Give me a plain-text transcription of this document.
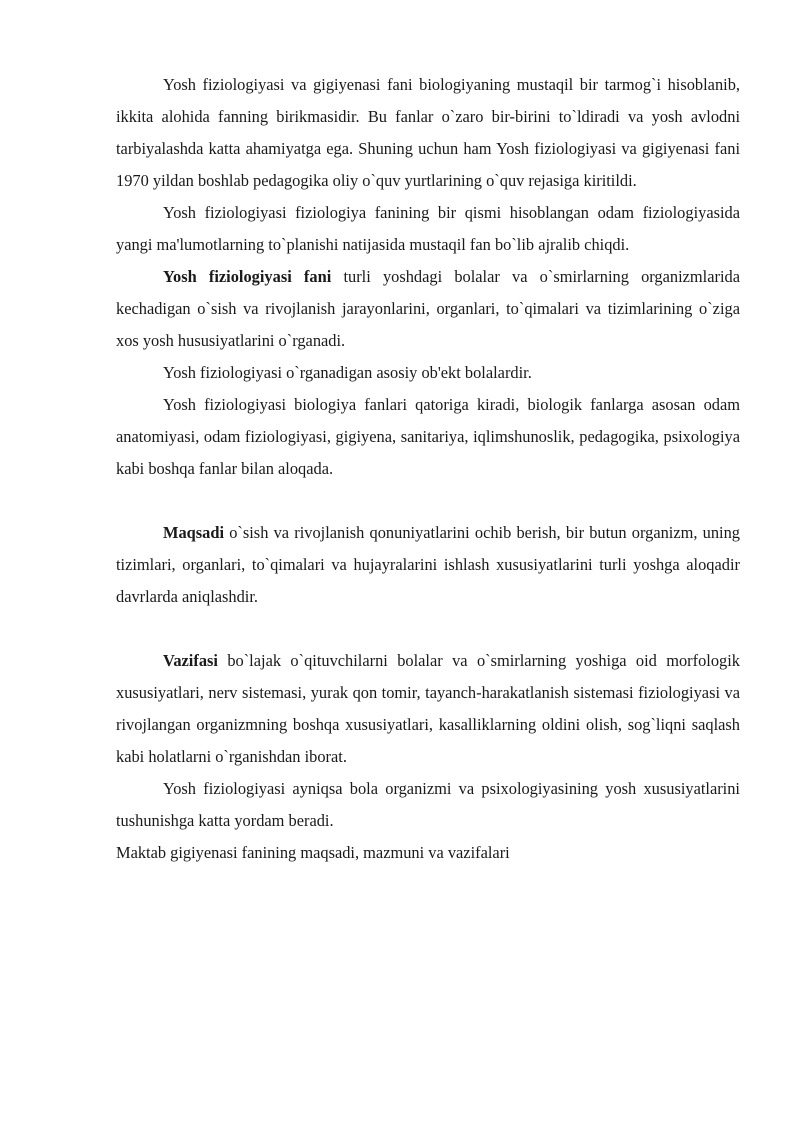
Yosh fiziologiyasi va gigiyenasi fani biologiyaning mustaqil bir tarmog`i hisoblanib, ikkita alohida fanning birikmasidir. Bu fanlar o`zaro bir-birini to`ldiradi va yosh avlodni tarbiyalashda katta ahamiyatga ega. Shuning uchun ham Yosh fiziologiyasi va gigiyenasi fani 1970 yildan boshlab pedagogika oliy o`quv yurtlarining o`quv rejasiga kiritildi.

Yosh fiziologiyasi fiziologiya fanining bir qismi hisoblangan odam fiziologiyasida yangi ma'lumotlarning to`planishi natijasida mustaqil fan bo`lib ajralib chiqdi.

Yosh fiziologiyasi fani turli yoshdagi bolalar va o`smirlarning organizmlarida kechadigan o`sish va rivojlanish jarayonlarini, organlari, to`qimalari va tizimlarining o`ziga xos yosh hususiyatlarini o`rganadi.

Yosh fiziologiyasi o`rganadigan asosiy ob'ekt bolalardir.

Yosh fiziologiyasi biologiya fanlari qatoriga kiradi, biologik fanlarga asosan odam anatomiyasi, odam fiziologiyasi, gigiyena, sanitariya, iqlimshunoslik, pedagogika, psixologiya kabi boshqa fanlar bilan aloqada.

Maqsadi o`sish va rivojlanish qonuniyatlarini ochib berish, bir butun organizm, uning tizimlari, organlari, to`qimalari va hujayralarini ishlash xususiyatlarini turli yoshga aloqadir davrlarda aniqlashdir.

Vazifasi bo`lajak o`qituvchilarni bolalar va o`smirlarning yoshiga oid morfologik xususiyatlari, nerv sistemasi, yurak qon tomir, tayanch-harakatlanish sistemasi fiziologiyasi va rivojlangan organizmning boshqa xususiyatlari, kasalliklarning oldini olish, sog`liqni saqlash kabi holatlarni o`rganishdan iborat.

Yosh fiziologiyasi ayniqsa bola organizmi va psixologiyasining yosh xususiyatlarini tushunishga katta yordam beradi.

Maktab gigiyenasi fanining maqsadi, mazmuni va vazifalari
